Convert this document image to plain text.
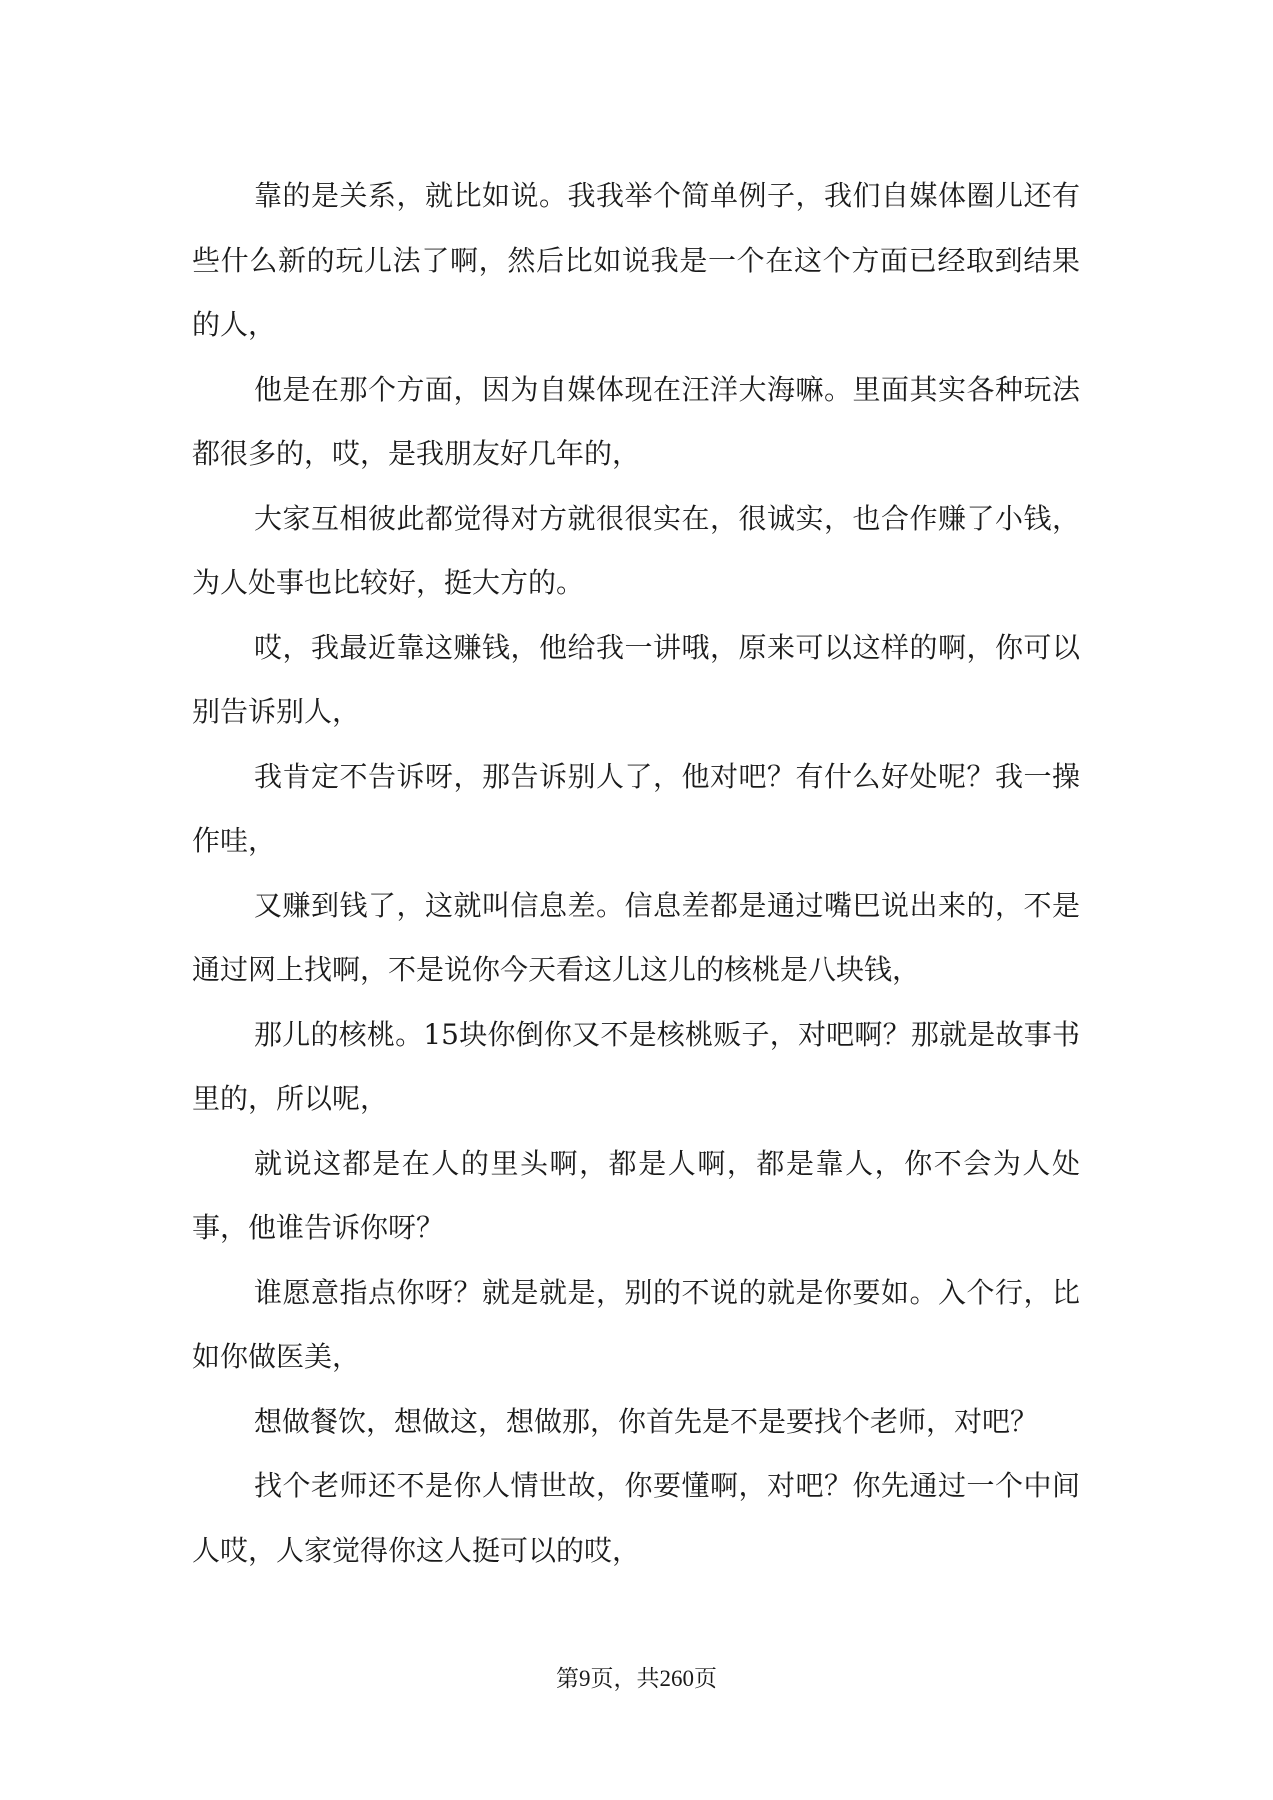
靠的是关系，就比如说。我我举个简单例子，我们自媒体圈儿还有些什么新的玩儿法了啊，然后比如说我是一个在这个方面已经取到结果的人，

他是在那个方面，因为自媒体现在汪洋大海嘛。里面其实各种玩法都很多的，哎，是我朋友好几年的，

大家互相彼此都觉得对方就很很实在，很诚实，也合作赚了小钱，为人处事也比较好，挺大方的。

哎，我最近靠这赚钱，他给我一讲哦，原来可以这样的啊，你可以别告诉别人，

我肯定不告诉呀，那告诉别人了，他对吧？有什么好处呢？我一操作哇，

又赚到钱了，这就叫信息差。信息差都是通过嘴巴说出来的，不是通过网上找啊，不是说你今天看这儿这儿的核桃是八块钱，

那儿的核桃。15块你倒你又不是核桃贩子，对吧啊？那就是故事书里的，所以呢，

就说这都是在人的里头啊，都是人啊，都是靠人，你不会为人处事，他谁告诉你呀？

谁愿意指点你呀？就是就是，别的不说的就是你要如。入个行，比如你做医美，

想做餐饮，想做这，想做那，你首先是不是要找个老师，对吧？

找个老师还不是你人情世故，你要懂啊，对吧？你先通过一个中间人哎，人家觉得你这人挺可以的哎，

第9页，共260页
